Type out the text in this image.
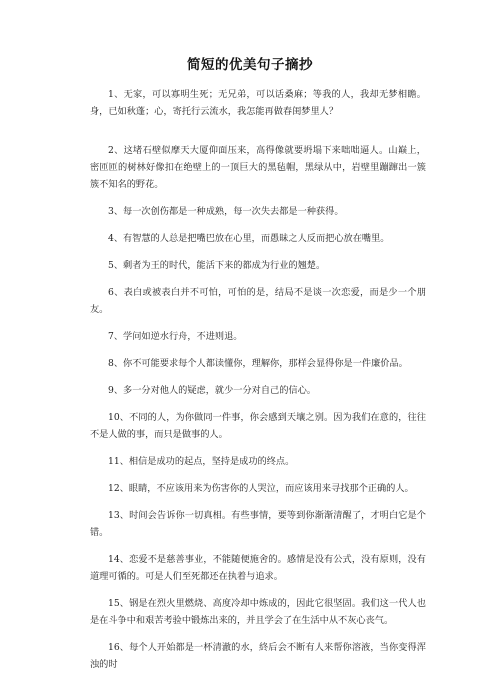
简短的优美句子摘抄

1、无家，可以寡明生死；无兄弟，可以话桑麻；等我的人，我却无梦相瞻。身，已如秋蓬；心，寄托行云流水，我怎能再做春闺梦里人？

2、这堵石壁似摩天大厦仰面压来，高得像就要坍塌下来咄咄逼人。山巅上，密匝匝的树林好像扣在绝壁上的一顶巨大的黑毡帽，黑绿从中，岩壁里蹦蹿出一簇簇不知名的野花。

3、每一次创伤都是一种成熟，每一次失去都是一种获得。

4、有智慧的人总是把嘴巴放在心里，而愚昧之人反而把心放在嘴里。

5、剩者为王的时代，能活下来的都成为行业的翘楚。

6、表白或被表白并不可怕，可怕的是，结局不是谈一次恋爱，而是少一个朋友。

7、学问如逆水行舟，不进则退。

8、你不可能要求每个人都读懂你，理解你，那样会显得你是一件廉价品。

9、多一分对他人的疑虑，就少一分对自己的信心。

10、不同的人，为你做同一件事，你会感到天壤之别。因为我们在意的，往往不是人做的事，而只是做事的人。

11、相信是成功的起点，坚持是成功的终点。

12、眼睛，不应该用来为伤害你的人哭泣，而应该用来寻找那个正确的人。

13、时间会告诉你一切真相。有些事情，要等到你渐渐清醒了，才明白它是个错。

14、恋爱不是慈善事业，不能随便施舍的。感情是没有公式，没有原则，没有道理可循的。可是人们至死都还在执着与追求。

15、钢是在烈火里燃烧、高度冷却中炼成的，因此它很坚固。我们这一代人也是在斗争中和艰苦考验中锻炼出来的，并且学会了在生活中从不灰心丧气。

16、每个人开始都是一杯清澈的水，終后会不断有人来帮你溶液，当你变得浑浊的时
